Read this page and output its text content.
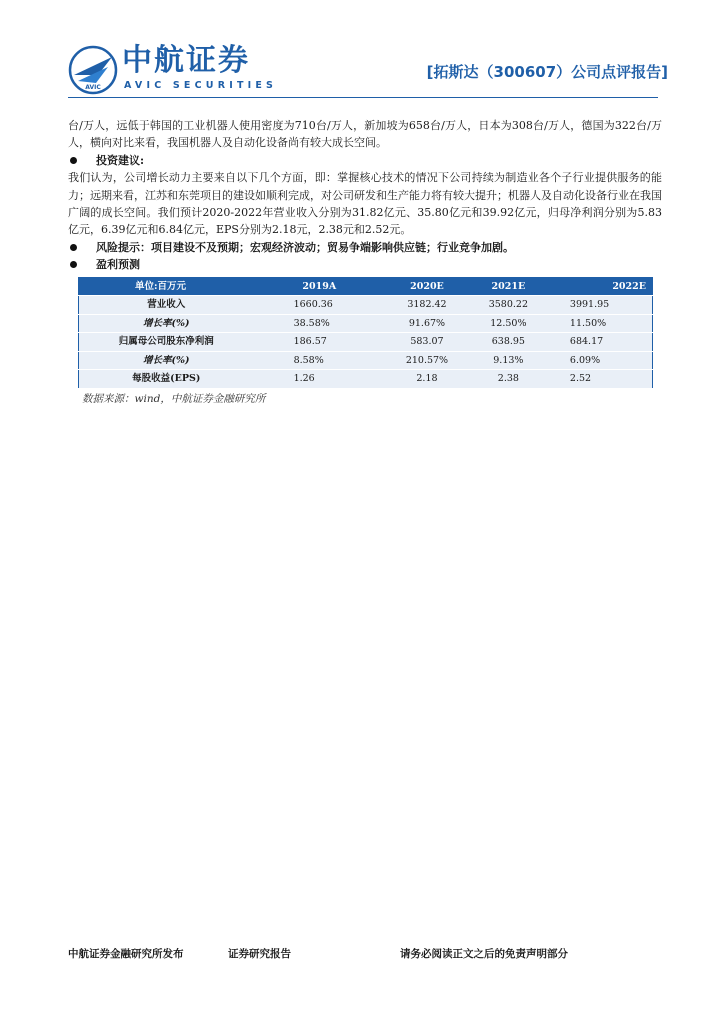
AVIC
中航证券
AVIC SECURITIES
[拓斯达（300607）公司点评报告]

台/万人，远低于韩国的工业机器人使用密度为710台/万人，新加坡为658台/万人，日本为308台/万人，德国为322台/万人，横向对比来看，我国机器人及自动化设备尚有较大成长空间。

投资建议:

我们认为，公司增长动力主要来自以下几个方面，即：掌握核心技术的情况下公司持续为制造业各个子行业提供服务的能力；远期来看，江苏和东莞项目的建设如顺利完成，对公司研发和生产能力将有较大提升；机器人及自动化设备行业在我国广阔的成长空间。我们预计2020-2022年营业收入分别为31.82亿元、35.80亿元和39.92亿元，归母净利润分别为5.83亿元，6.39亿元和6.84亿元，EPS分别为2.18元，2.38元和2.52元。

风险提示：项目建设不及预期；宏观经济波动；贸易争端影响供应链；行业竞争加剧。

盈利预测

单位:百万元	2019A	2020E	2021E	2022E
营业收入	1660.36	3182.42	3580.22	3991.95
增长率(%)	38.58%	91.67%	12.50%	11.50%
归属母公司股东净利润	186.57	583.07	638.95	684.17
增长率(%)	8.58%	210.57%	9.13%	6.09%
每股收益(EPS)	1.26	2.18	2.38	2.52

数据来源：wind，中航证券金融研究所

中航证券金融研究所发布	证券研究报告	请务必阅读正文之后的免责声明部分
